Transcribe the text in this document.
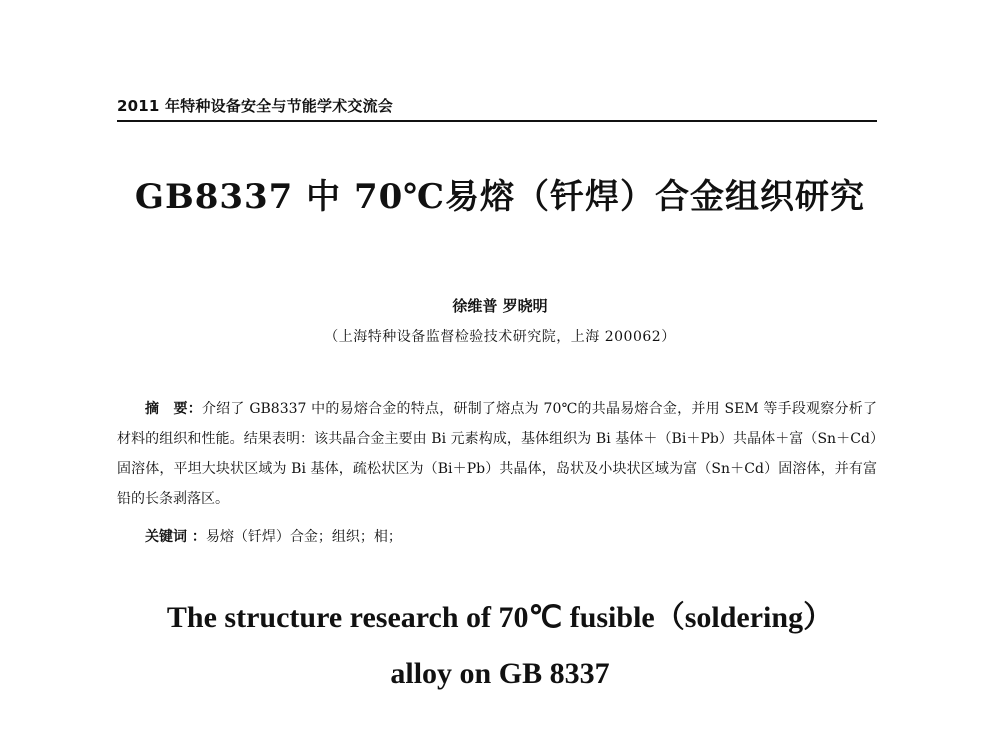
2011 年特种设备安全与节能学术交流会
GB8337 中 70℃易熔（钎焊）合金组织研究
徐维普 罗晓明
（上海特种设备监督检验技术研究院，上海 200062）
摘　要：介绍了 GB8337 中的易熔合金的特点，研制了熔点为 70℃的共晶易熔合金，并用 SEM 等手段观察分析了材料的组织和性能。结果表明：该共晶合金主要由 Bi 元素构成，基体组织为 Bi 基体＋（Bi＋Pb）共晶体＋富（Sn＋Cd）固溶体，平坦大块状区域为 Bi 基体，疏松状区为（Bi＋Pb）共晶体，岛状及小块状区域为富（Sn＋Cd）固溶体，并有富铅的长条剥落区。
关键词 ：易熔（钎焊）合金；组织；相；
The structure research of 70℃ fusible（soldering）
alloy on GB 8337
